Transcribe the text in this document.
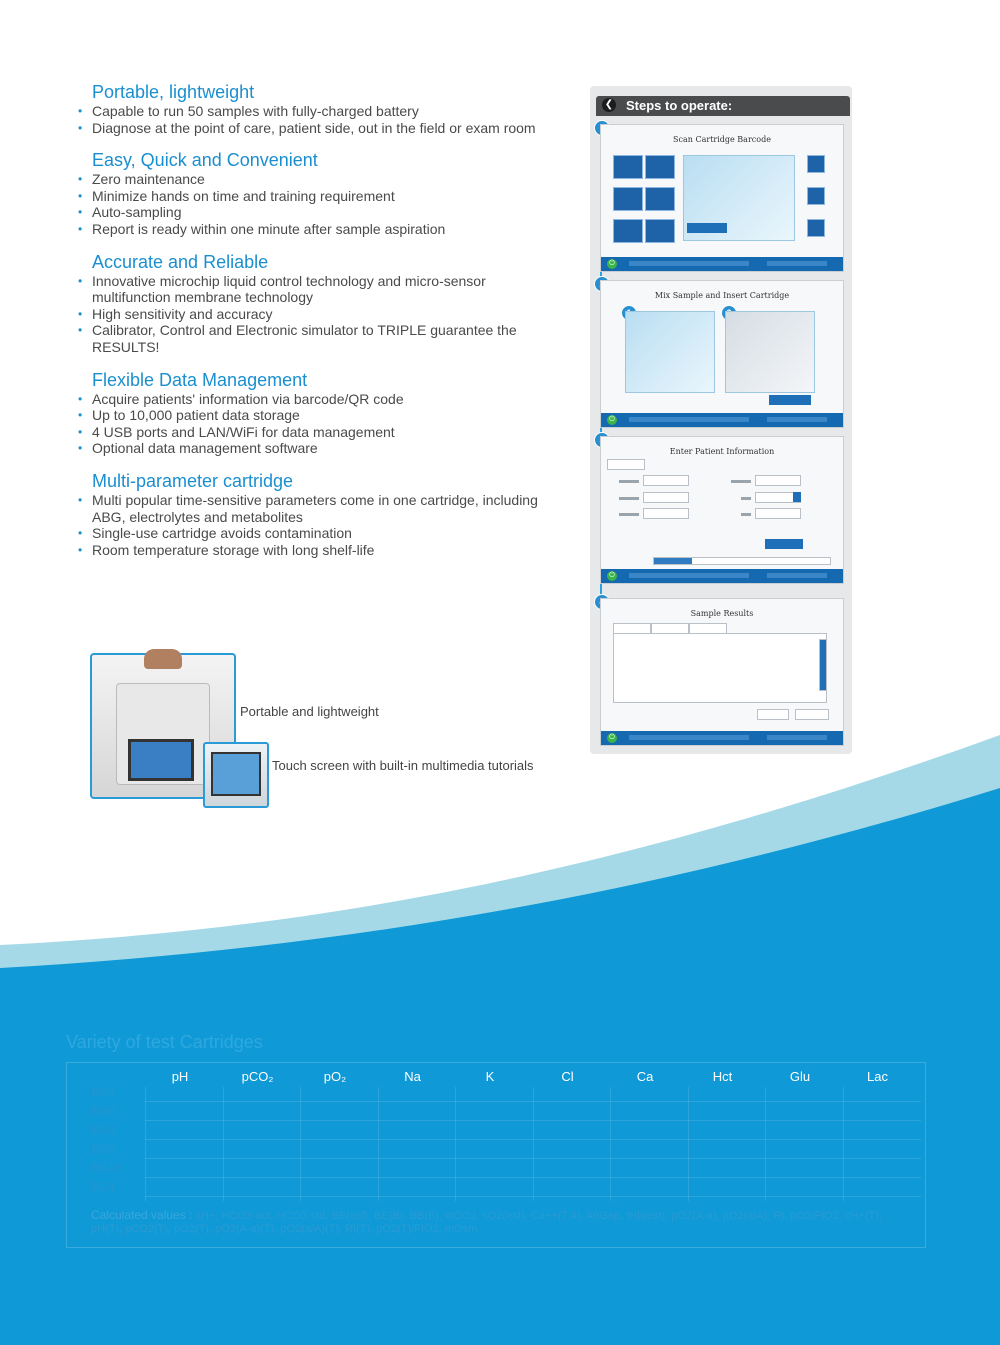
Portable, lightweight
• Capable to run 50 samples with fully-charged battery
• Diagnose at the point of care, patient side, out in the field or exam room
Easy, Quick and Convenient
• Zero maintenance
• Minimize hands on time and training requirement
• Auto-sampling
• Report is ready within one minute after sample aspiration
Accurate and Reliable
• Innovative microchip liquid control technology and micro-sensor multifunction membrane technology
• High sensitivity and accuracy
• Calibrator, Control and Electronic simulator to TRIPLE guarantee the RESULTS!
Flexible Data Management
• Acquire patients' information via barcode/QR code
• Up to 10,000 patient data storage
• 4 USB ports and LAN/WiFi for data management
• Optional data management software
Multi-parameter cartridge
• Multi popular time-sensitive parameters come in one cartridge, including ABG, electrolytes and metabolites
• Single-use cartridge avoids contamination
• Room temperature storage with long shelf-life
❮ Steps to operate:
Scan Cartridge Barcode
⏻
Mix Sample and Insert Cartridge
⏻
Enter Patient Information
⏻
Sample Results
⏻
Portable and lightweight
Touch screen with built-in multimedia tutorials
Variety of test Cartridges
Calculated values : cH+, HCO3-act, HCO3-std, BE(ecf), BE(B), BB(B), ctCO2, sO2(est), Ca++(7.4), AnGap, tHb(est), pO2(A-a), pO2(a/A), RI, pO2/FIO2, cH+(T), pH(T), pCO2(T), pO2(T), pO2(A-a)(T), pO2(a/A)(T), RI(T), pO2(T)/FIO2, mOsm
pH	pCO₂	pO₂	Na	K	Cl	Ca	Hct	Glu	Lac
BG3
BG8
BG4
BG9
BG10
BC4
